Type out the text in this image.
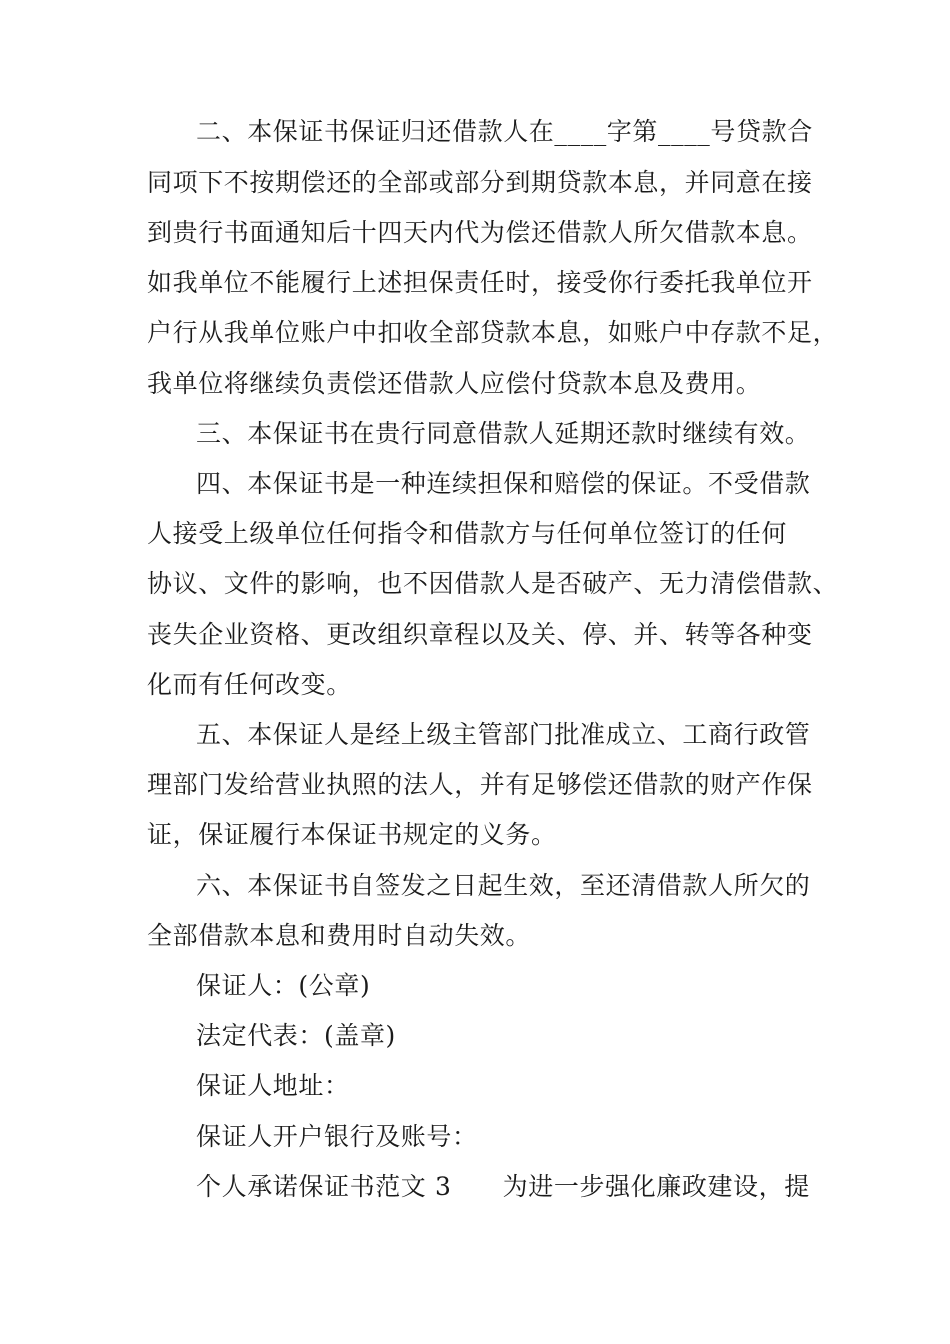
二、本保证书保证归还借款人在____字第____号贷款合
同项下不按期偿还的全部或部分到期贷款本息，并同意在接
到贵行书面通知后十四天内代为偿还借款人所欠借款本息。
如我单位不能履行上述担保责任时，接受你行委托我单位开
户行从我单位账户中扣收全部贷款本息，如账户中存款不足，
我单位将继续负责偿还借款人应偿付贷款本息及费用。
三、本保证书在贵行同意借款人延期还款时继续有效。
四、本保证书是一种连续担保和赔偿的保证。不受借款
人接受上级单位任何指令和借款方与任何单位签订的任何
协议、文件的影响，也不因借款人是否破产、无力清偿借款、
丧失企业资格、更改组织章程以及关、停、并、转等各种变
化而有任何改变。
五、本保证人是经上级主管部门批准成立、工商行政管
理部门发给营业执照的法人，并有足够偿还借款的财产作保
证，保证履行本保证书规定的义务。
六、本保证书自签发之日起生效，至还清借款人所欠的
全部借款本息和费用时自动失效。
保证人：(公章)
法定代表：(盖章)
保证人地址：
保证人开户银行及账号：
个人承诺保证书范文 3　　为进一步强化廉政建设，提
